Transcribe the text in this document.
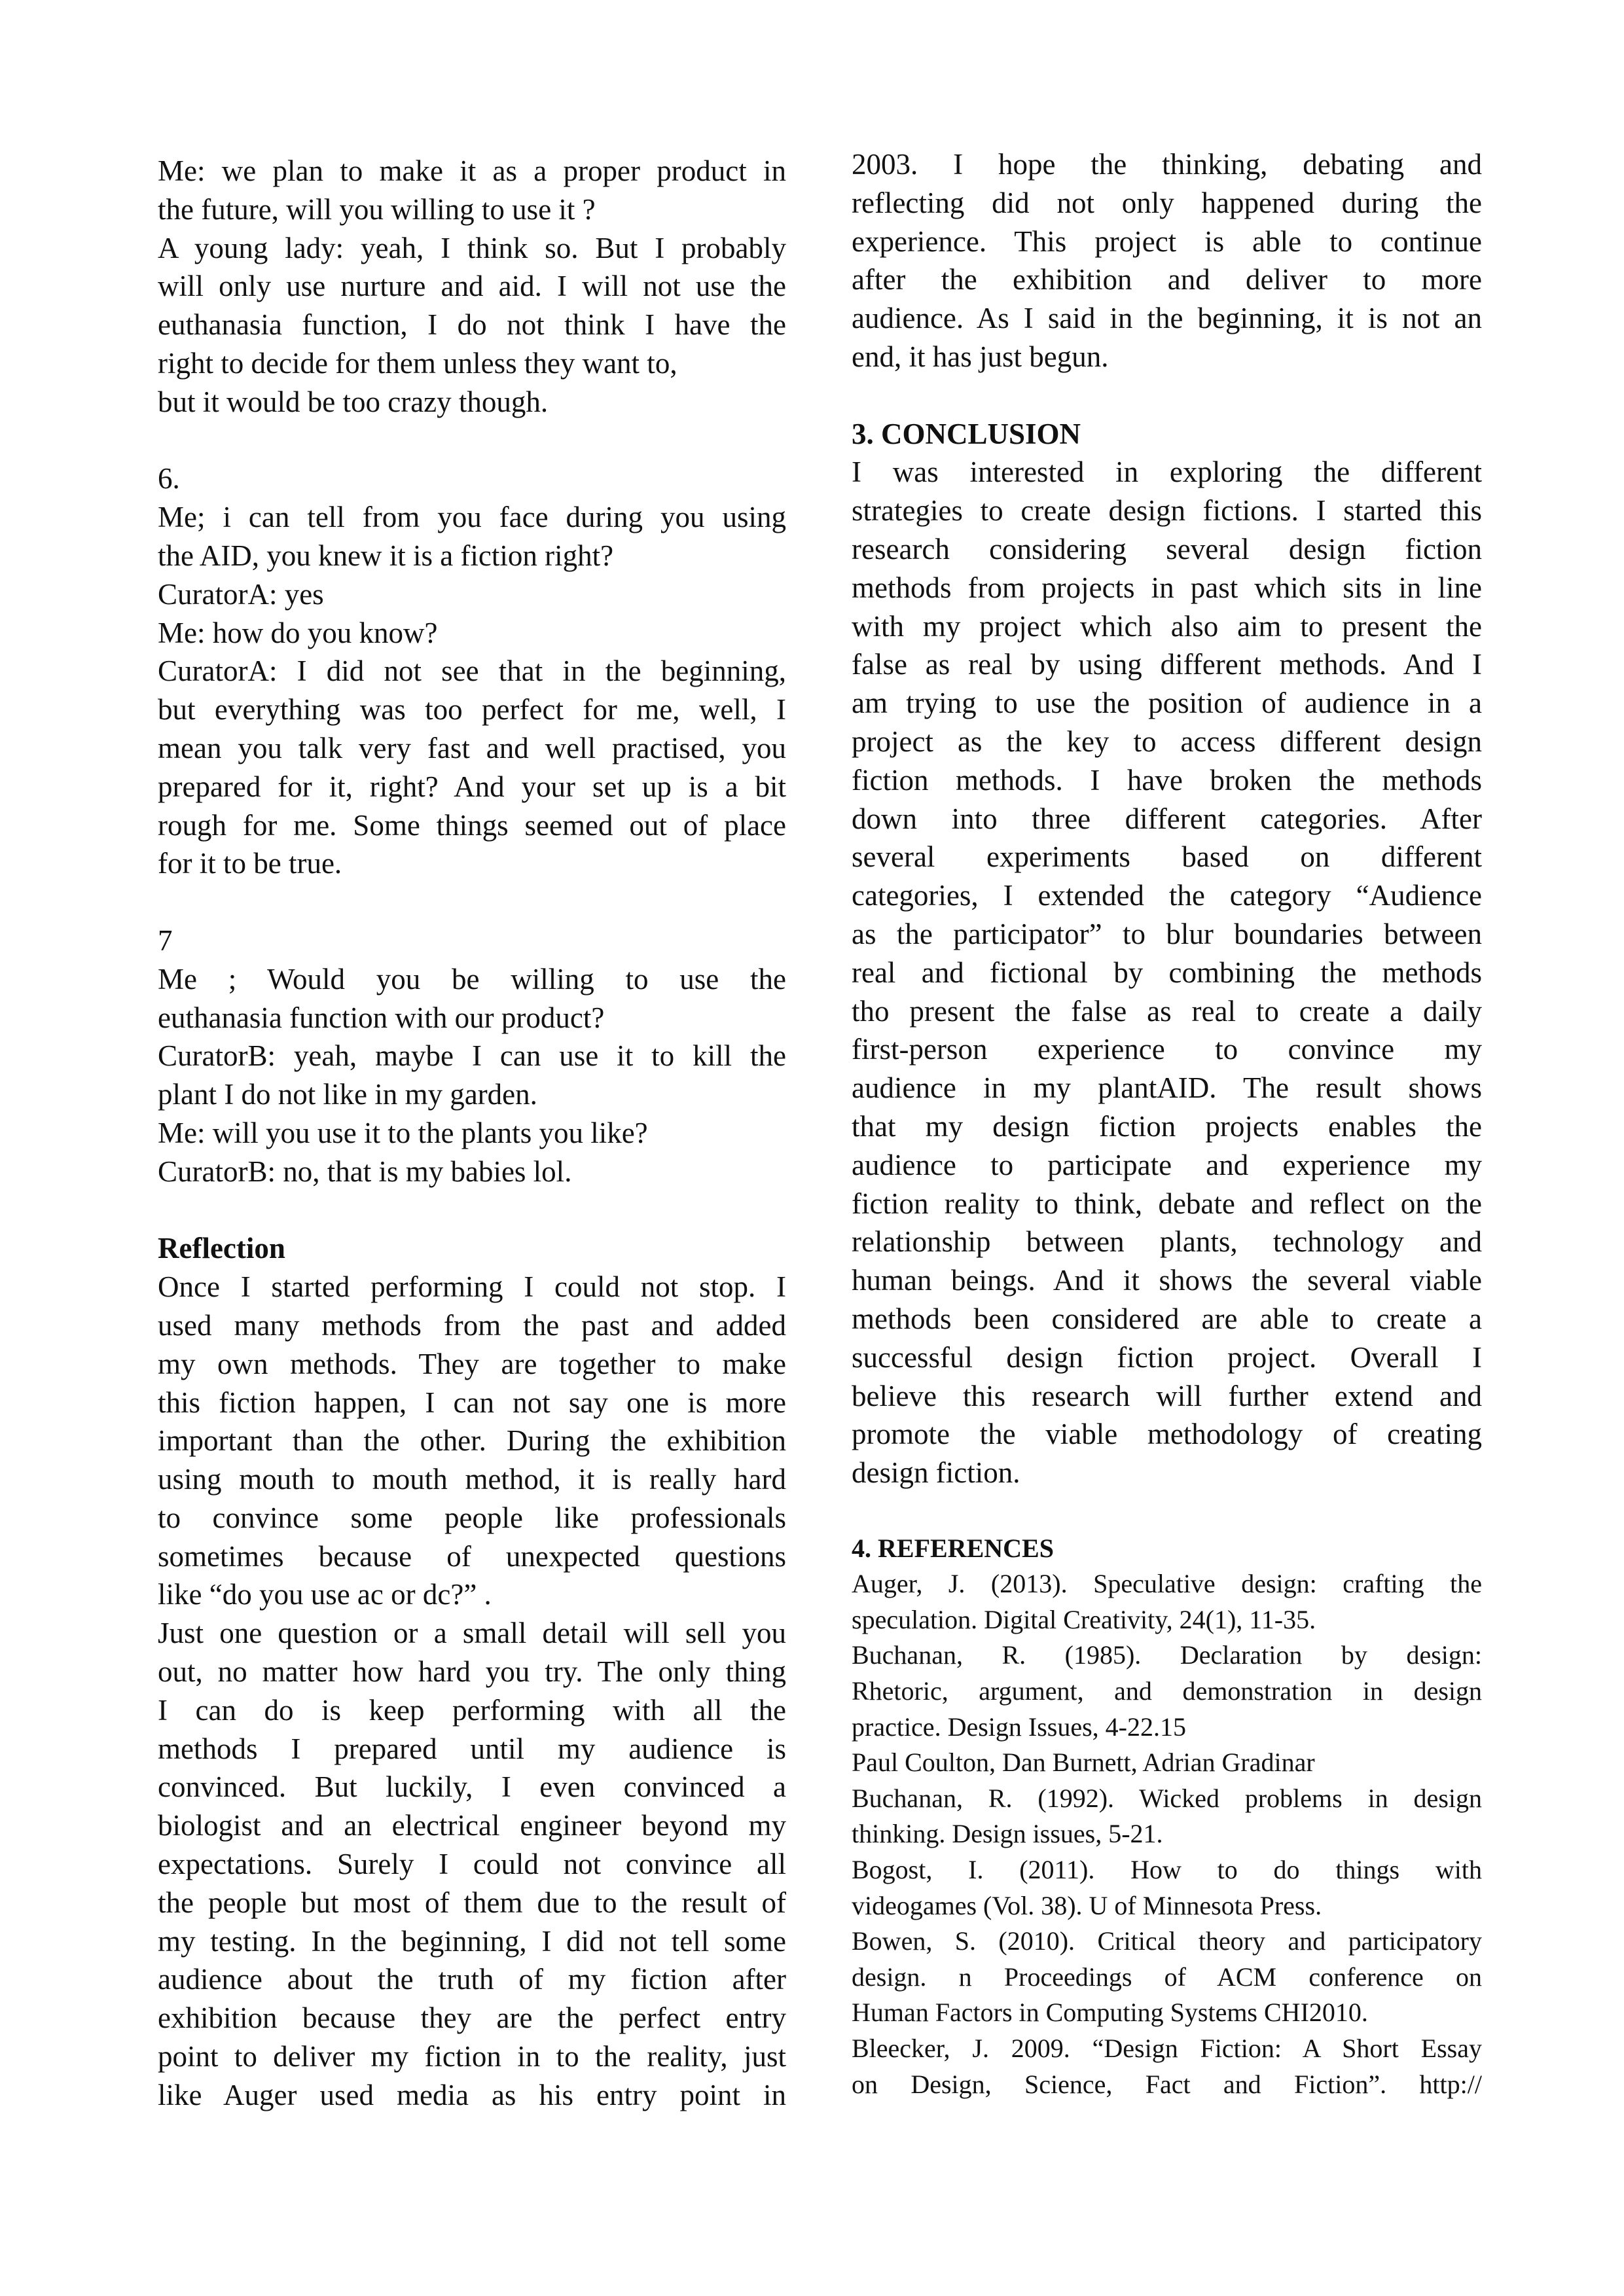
Me: we plan to make it as a proper product in
the future, will you willing to use it ?
A young lady: yeah, I think so. But I probably
will only use nurture and aid. I will not use the
euthanasia function, I do not think I have the
right to decide for them unless they want to,
but it would be too crazy though.
6.
Me; i can tell from you face during you using
the AID, you knew it is a fiction right?
CuratorA: yes
Me: how do you know?
CuratorA: I did not see that in the beginning,
but everything was too perfect for me, well, I
mean you talk very fast and well practised, you
prepared for it, right? And your set up is a bit
rough for me. Some things seemed out of place
for it to be true.
7
Me ; Would you be willing to use the
euthanasia function with our product?
CuratorB: yeah, maybe I can use it to kill the
plant I do not like in my garden.
Me: will you use it to the plants you like?
CuratorB: no, that is my babies lol.
Reflection
Once I started performing I could not stop. I
used many methods from the past and added
my own methods. They are together to make
this fiction happen, I can not say one is more
important than the other. During the exhibition
using mouth to mouth method, it is really hard
to convince some people like professionals
sometimes because of unexpected questions
like “do you use ac or dc?” .
Just one question or a small detail will sell you
out, no matter how hard you try. The only thing
I can do is keep performing with all the
methods I prepared until my audience is
convinced. But luckily, I even convinced a
biologist and an electrical engineer beyond my
expectations. Surely I could not convince all
the people but most of them due to the result of
my testing. In the beginning, I did not tell some
audience about the truth of my fiction after
exhibition because they are the perfect entry
point to deliver my fiction in to the reality, just
like Auger used media as his entry point in
2003. I hope the thinking, debating and
reflecting did not only happened during the
experience. This project is able to continue
after the exhibition and deliver to more
audience. As I said in the beginning, it is not an
end, it has just begun.
3. CONCLUSION
I was interested in exploring the different
strategies to create design fictions. I started this
research considering several design fiction
methods from projects in past which sits in line
with my project which also aim to present the
false as real by using different methods. And I
am trying to use the position of audience in a
project as the key to access different design
fiction methods. I have broken the methods
down into three different categories. After
several experiments based on different
categories, I extended the category “Audience
as the participator” to blur boundaries between
real and fictional by combining the methods
tho present the false as real to create a daily
first-person experience to convince my
audience in my plantAID. The result shows
that my design fiction projects enables the
audience to participate and experience my
fiction reality to think, debate and reflect on the
relationship between plants, technology and
human beings. And it shows the several viable
methods been considered are able to create a
successful design fiction project. Overall I
believe this research will further extend and
promote the viable methodology of creating
design fiction.
4. REFERENCES
Auger, J. (2013). Speculative design: crafting the
speculation. Digital Creativity, 24(1), 11-35.
Buchanan, R. (1985). Declaration by design:
Rhetoric, argument, and demonstration in design
practice. Design Issues, 4-22.15
Paul Coulton, Dan Burnett, Adrian Gradinar
Buchanan, R. (1992). Wicked problems in design
thinking. Design issues, 5-21.
Bogost, I. (2011). How to do things with
videogames (Vol. 38). U of Minnesota Press.
Bowen, S. (2010). Critical theory and participatory
design. n Proceedings of ACM conference on
Human Factors in Computing Systems CHI2010.
Bleecker, J. 2009. “Design Fiction: A Short Essay
on Design, Science, Fact and Fiction”. http://
